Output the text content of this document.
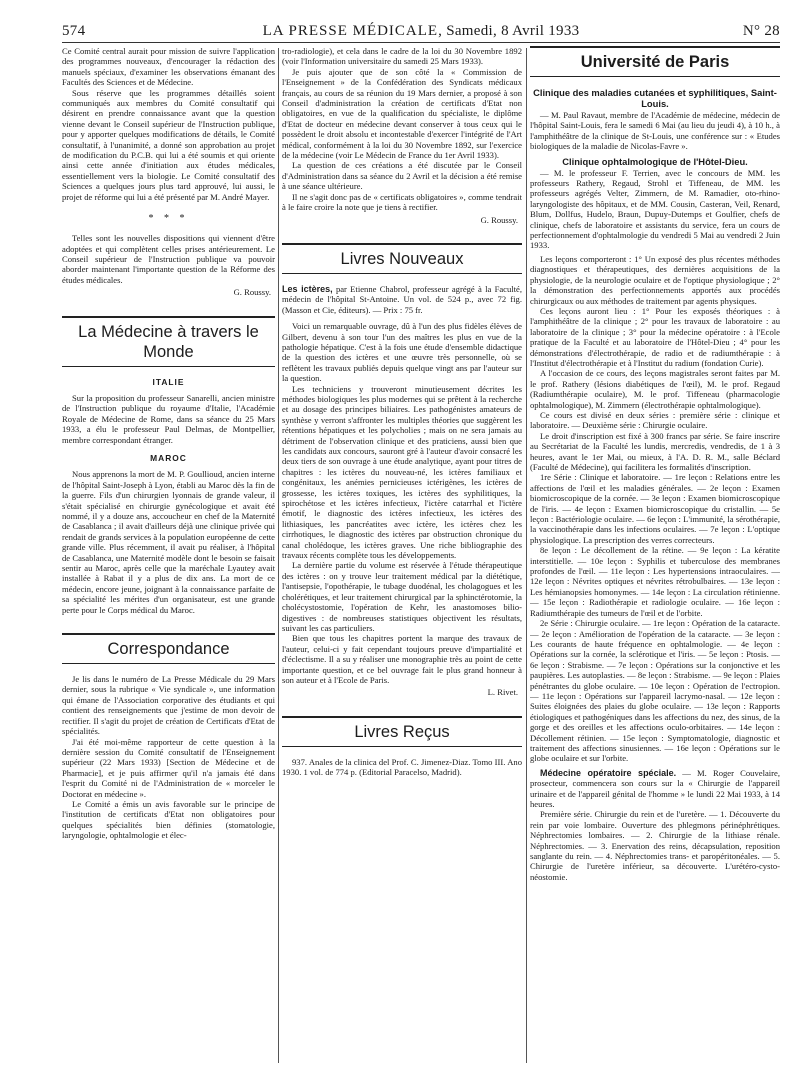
574	LA PRESSE MÉDICALE, Samedi, 8 Avril 1933	N° 28

Ce Comité central aurait pour mission de suivre l'application des programmes nouveaux, d'encourager la rédaction des manuels spéciaux, d'examiner les observations émanant des Facultés des Sciences et de Médecine.

Sous réserve que les programmes détaillés soient communiqués aux membres du Comité consultatif qui désirent en prendre connaissance avant que la question vienne devant le Conseil supérieur de l'Instruction publique, pour y apporter quelques modifications de détails, le Comité consultatif, à l'unanimité, a donné son approbation au projet de modification du P.C.B. qui lui a été soumis et qui oriente ainsi cette année d'initiation aux études médicales, essentiellement vers la biologie. Le Comité consultatif des Sciences a quelques jours plus tard approuvé, lui aussi, le projet de réforme qui lui a été présenté par M. André Mayer.

* * *

Telles sont les nouvelles dispositions qui viennent d'être adoptées et qui complètent celles prises antérieurement. Le Conseil supérieur de l'Instruction publique va pouvoir aborder maintenant l'importante question de la Réforme des études médicales.

G. Roussy.
La Médecine à travers le Monde
ITALIE

Sur la proposition du professeur Sanarelli, ancien ministre de l'Instruction publique du royaume d'Italie, l'Académie Royale de Médecine de Rome, dans sa séance du 25 Mars 1933, a élu le professeur Paul Delmas, de Montpellier, membre correspondant étranger.

MAROC

Nous apprenons la mort de M. P. Goullioud, ancien interne de l'hôpital Saint-Joseph à Lyon, établi au Maroc dès la fin de la guerre. Fils d'un chirurgien lyonnais de grande valeur, il s'était spécialisé en chirurgie gynécologique et avait été nommé, il y a douze ans, accoucheur en chef de la Maternité de Casablanca ; il avait d'ailleurs déjà une clinique privée qui rendait de grands services à la population européenne de cette grande ville. Plus récemment, il avait pu réaliser, à l'hôpital de Casablanca, une Maternité modèle dont le besoin se faisait sentir au Maroc, après celle que la maréchale Lyautey avait installée à Rabat il y a plus de dix ans. La mort de ce médecin, encore jeune, joignant à la connaissance parfaite de sa spécialité les mérites d'un organisateur, est une grande perte pour le Corps médical du Maroc.

Correspondance

Je lis dans le numéro de La Presse Médicale du 29 Mars dernier, sous la rubrique « Vie syndicale », une information qui émane de l'Association corporative des étudiants et qui contient des renseignements que j'estime de mon devoir de rectifier. Il s'agit du projet de création de Certificats d'Etat de spécialités.

J'ai été moi-même rapporteur de cette question à la dernière session du Comité consultatif de l'Enseignement supérieur (22 Mars 1933) [Section de Médecine et de Pharmacie], et je puis affirmer qu'il n'a jamais été dans l'esprit du Comité ni de l'Administration de « morceler le Doctorat en médecine ».

Le Comité a émis un avis favorable sur le principe de l'institution de certificats d'Etat non obligatoires pour quelques spécialités bien définies (stomatologie, laryngologie, ophtalmologie et élec-

tro-radiologie), et cela dans le cadre de la loi du 30 Novembre 1892 (voir l'Information universitaire du samedi 25 Mars 1933).

Je puis ajouter que de son côté la « Commission de l'Enseignement » de la Confédération des Syndicats médicaux français, au cours de sa réunion du 19 Mars dernier, a proposé à son Conseil d'administration la création de certificats d'Etat non obligatoires, en vue de la qualification du spécialiste, le diplôme d'Etat de docteur en médecine devant conserver à tous ceux qui le possèdent le droit absolu et incontestable d'exercer l'intégrité de l'Art médical, conformément à la loi du 30 Novembre 1892, sur l'exercice de la médecine (voir Le Médecin de France du 1er Avril 1933).

La question de ces créations a été discutée par le Conseil d'Administration dans sa séance du 2 Avril et la décision a été remise à une séance ultérieure.

Il ne s'agit donc pas de « certificats obligatoires », comme tendrait à le faire croire la note que je tiens à rectifier.

G. Roussy.
Livres Nouveaux

Les ictères, par Etienne Chabrol, professeur agrégé à la Faculté, médecin de l'hôpital St-Antoine. Un vol. de 524 p., avec 72 fig. (Masson et Cie, éditeurs). — Prix : 75 fr.

Voici un remarquable ouvrage, dû à l'un des plus fidèles élèves de Gilbert, devenu à son tour l'un des maîtres les plus en vue de la pathologie hépatique. C'est à la fois une étude d'ensemble didactique de la question des ictères et une œuvre très personnelle, où se reflètent les travaux publiés depuis quelque vingt ans par l'auteur sur la question.

Les techniciens y trouveront minutieusement décrites les méthodes biologiques les plus modernes qui se prêtent à la recherche et au dosage des principes biliaires. Les pathogénistes amateurs de synthèse y verront s'affronter les multiples théories que suggèrent les rétentions hépatiques et les polycholies ; mais on ne sera jamais au détriment de l'observation clinique et des praticiens, aussi bien que les candidats aux concours, sauront gré à l'auteur d'avoir consacré les deux tiers de son ouvrage à une étude analytique, ayant pour titres de chapitres : les ictères du nouveau-né, les ictères familiaux et congénitaux, les anémies pernicieuses ictérigènes, les ictères de grossesse, les ictères toxiques, les ictères des syphilitiques, la spirochétose et les ictères infectieux, l'ictère catarrhal et l'ictère émotif, le diagnostic des ictères infectieux, les ictères des lithiasiques, les pancréatites avec ictère, les ictères chez les cirrhotiques, le diagnostic des ictères par obstruction chronique du canal cholédoque, les ictères graves. Une riche bibliographie des travaux récents complète tous les développements.

La dernière partie du volume est réservée à l'étude thérapeutique des ictères : on y trouve leur traitement médical par la diététique, l'antisepsie, l'opothérapie, le tubage duodénal, les cholagogues et les cholérétiques, et leur traitement chirurgical par la sphinctérotomie, la cholécystostomie, l'opération de Kehr, les anastomoses bilio-digestives : de nombreuses statistiques objectivent les résultats, suivant les cas particuliers.

Bien que tous les chapitres portent la marque des travaux de l'auteur, celui-ci y fait cependant toujours preuve d'impartialité et d'éclectisme. Il a su y réaliser une monographie très au point de cette importante question, et ce bel ouvrage fait le plus grand honneur à son auteur et à l'Ecole de Paris.

L. Rivet.
Livres Reçus

937. Anales de la clinica del Prof. C. Jimenez-Diaz. Tomo III. Ano 1930. 1 vol. de 774 p. (Editorial Paracelso, Madrid).

Université de Paris
Clinique des maladies cutanées et syphilitiques, Saint-Louis.

— M. Paul Ravaut, membre de l'Académie de médecine, médecin de l'hôpital Saint-Louis, fera le samedi 6 Mai (au lieu du jeudi 4), à 10 h., à l'amphithéâtre de la clinique de St-Louis, une conférence sur : « Etudes biologiques de la maladie de Nicolas-Favre ».

Clinique ophtalmologique de l'Hôtel-Dieu.

— M. le professeur F. Terrien, avec le concours de MM. les professeurs Rathery, Regaud, Strohl et Tiffeneau, de MM. les professeurs agrégés Velter, Zimmern, de M. Ramadier, oto-rhino-laryngologiste des hôpitaux, et de MM. Cousin, Casteran, Veil, Renard, Blum, Dollfus, Hudelo, Braun, Dupuy-Dutemps et Goulfier, chefs de clinique, chefs de laboratoire et assistants du service, fera un cours de perfectionnement d'ophtalmologie du vendredi 5 Mai au vendredi 2 Juin 1933.

Les leçons comporteront : 1° Un exposé des plus récentes méthodes diagnostiques et thérapeutiques, des dernières acquisitions de la physiologie, de la neurologie oculaire et de l'optique physiologique ; 2° la démonstration des perfectionnements apportés aux procédés chirurgicaux ou aux méthodes de traitement par agents physiques.

Ces leçons auront lieu : 1° Pour les exposés théoriques : à l'amphithéâtre de la clinique ; 2° pour les travaux de laboratoire : au laboratoire de la clinique ; 3° pour la médecine opératoire : à l'Ecole pratique de la Faculté et au laboratoire de l'Hôtel-Dieu ; 4° pour les démonstrations d'électrothérapie, de radio et de radiumthérapie : à l'Institut d'électrothérapie et à l'Institut du radium (fondation Curie).

A l'occasion de ce cours, des leçons magistrales seront faites par M. le prof. Rathery (lésions diabétiques de l'œil), M. le prof. Regaud (Radiumthérapie oculaire), M. le prof. Tiffeneau (pharmacologie ophtalmologique), M. Zimmern (électrothérapie ophtalmologique).

Ce cours est divisé en deux séries : première série : clinique et laboratoire. — Deuxième série : Chirurgie oculaire.

Le droit d'inscription est fixé à 300 francs par série. Se faire inscrire au Secrétariat de la Faculté les lundis, mercredis, vendredis, de 1 à 3 heures, avant le 1er Mai, ou mieux, à l'A. D. R. M., salle Béclard (Faculté de Médecine), qui facilitera les formalités d'inscription.

1re Série : Clinique et laboratoire. — 1re leçon : Relations entre les affections de l'œil et les maladies générales. — 2e leçon : Examen biomicroscopique de la cornée. — 3e leçon : Examen biomicroscopique de l'iris. — 4e leçon : Examen biomicroscopique du cristallin. — 5e leçon : Bactériologie oculaire. — 6e leçon : L'immunité, la sérothérapie, la vaccinothérapie dans les infections oculaires. — 7e leçon : L'optique physiologique. La prescription des verres correcteurs.

8e leçon : Le décollement de la rétine. — 9e leçon : La kératite interstitielle. — 10e leçon : Syphilis et tuberculose des membranes profondes de l'œil. — 11e leçon : Les hypertensions intraoculaires. — 12e leçon : Névrites optiques et névrites rétrobulbaires. — 13e leçon : Les hémianopsies homonymes. — 14e leçon : La circulation rétinienne. — 15e leçon : Radiothérapie et radiologie oculaire. — 16e leçon : Radiumthérapie des tumeurs de l'œil et de l'orbite.

2e Série : Chirurgie oculaire. — 1re leçon : Opération de la cataracte. — 2e leçon : Amélioration de l'opération de la cataracte. — 3e leçon : Les courants de haute fréquence en ophtalmologie. — 4e leçon : Opérations sur la cornée, la sclérotique et l'iris. — 5e leçon : Ptosis. — 6e leçon : Strabisme. — 7e leçon : Opérations sur la conjonctive et les paupières. Les autoplasties. — 8e leçon : Strabisme. — 9e leçon : Plaies pénétrantes du globe oculaire. — 10e leçon : Opération de l'ectropion. — 11e leçon : Opérations sur l'appareil lacrymo-nasal. — 12e leçon : Suites éloignées des plaies du globe oculaire. — 13e leçon : Rapports étiologiques et pathogéniques dans les affections du nez, des sinus, de la gorge et des oreilles et les affections oculo-orbitaires. — 14e leçon : Décollement rétinien. — 15e leçon : Symptomatologie, diagnostic et traitement des affections sinusiennes. — 16e leçon : Opérations sur le globe oculaire et sur l'orbite.

Médecine opératoire spéciale. — M. Roger Couvelaire, prosecteur, commencera son cours sur la « Chirurgie de l'appareil urinaire et de l'appareil génital de l'homme » le lundi 22 Mai 1933, à 14 heures.

Première série. Chirurgie du rein et de l'uretère. — 1. Découverte du rein par voie lombaire. Ouverture des phlegmons périnéphrétiques. Néphrectomies lombaires. — 2. Chirurgie de la lithiase rénale. Néphrectomies. — 3. Enervation des reins, décapsulation, reposition sanglante du rein. — 4. Néphrectomies trans- et paropéritonéales. — 5. Chirurgie de l'uretère inférieur, sa découverte. L'urétéro-cysto-néostomie.
